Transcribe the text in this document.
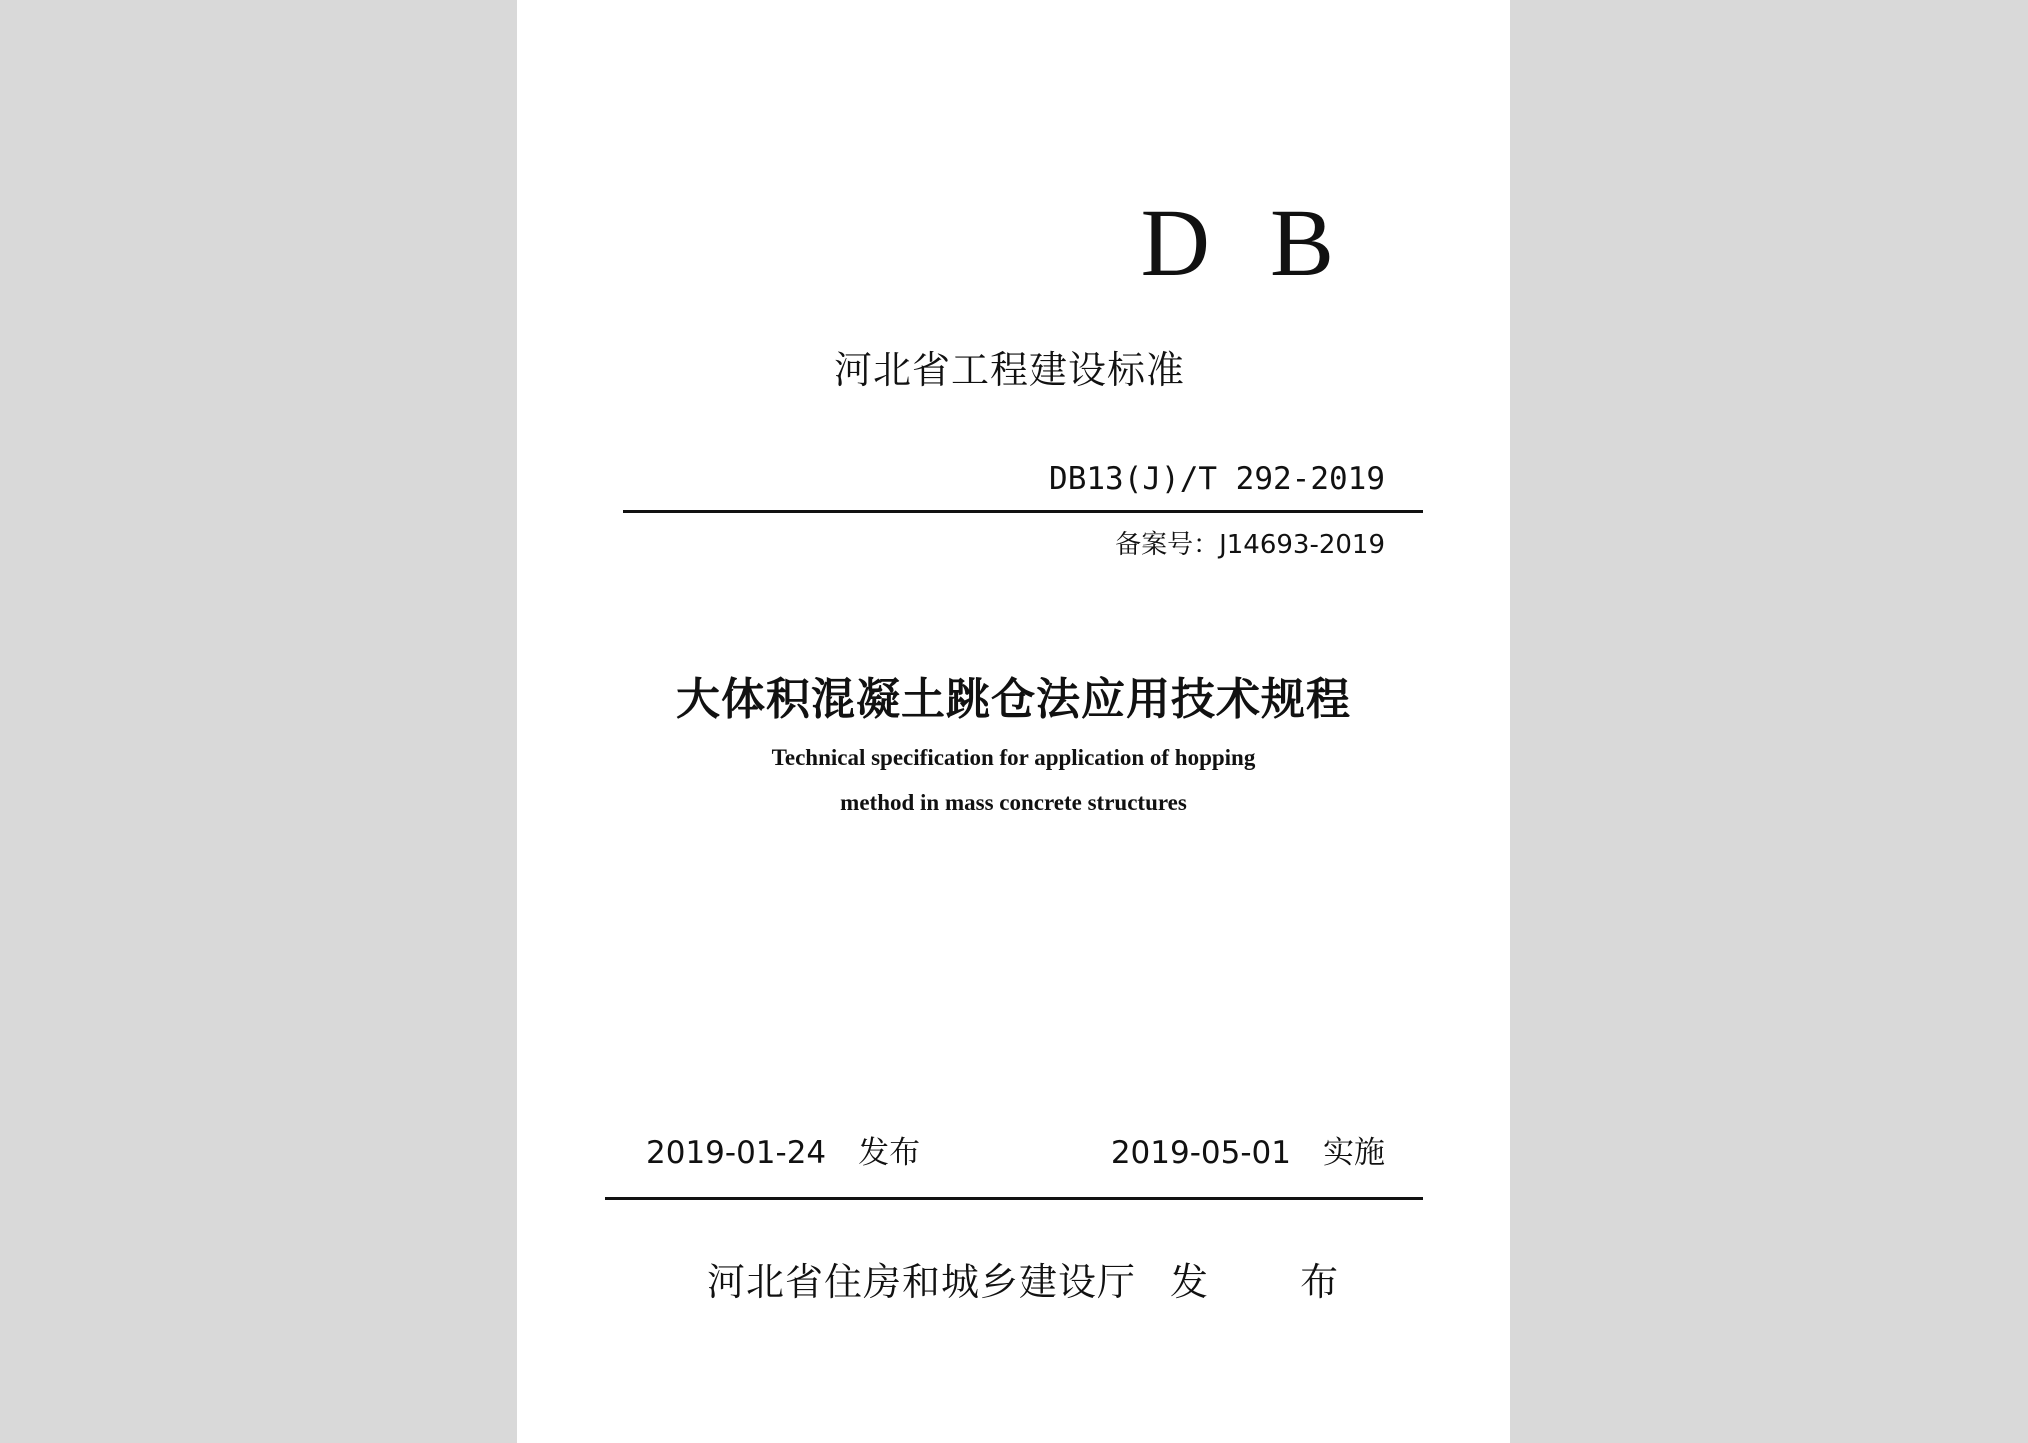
D B
河北省工程建设标准
DB13(J)/T 292-2019
备案号：J14693-2019
大体积混凝土跳仓法应用技术规程
Technical specification for application of hopping
method in mass concrete structures
2019-01-24 发布	2019-05-01 实施
河北省住房和城乡建设厅 发 布
